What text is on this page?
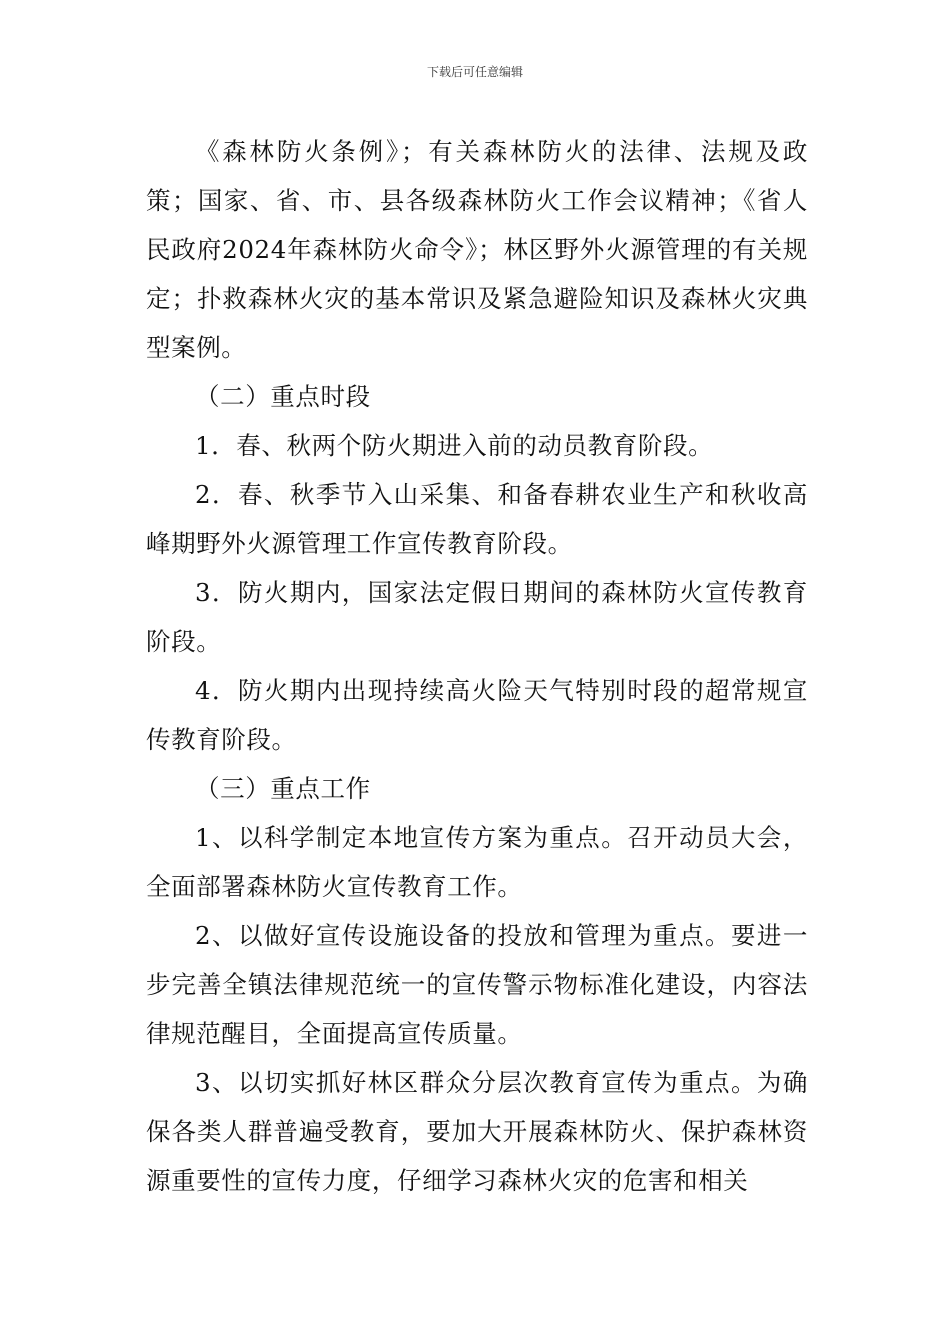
下载后可任意编辑

《森林防火条例》；有关森林防火的法律、法规及政策；国家、省、市、县各级森林防火工作会议精神；《省人民政府2024年森林防火命令》；林区野外火源管理的有关规定；扑救森林火灾的基本常识及紧急避险知识及森林火灾典型案例。

（二）重点时段

1．春、秋两个防火期进入前的动员教育阶段。

2．春、秋季节入山采集、和备春耕农业生产和秋收高峰期野外火源管理工作宣传教育阶段。

3．防火期内，国家法定假日期间的森林防火宣传教育阶段。

4．防火期内出现持续高火险天气特别时段的超常规宣传教育阶段。

（三）重点工作

1、以科学制定本地宣传方案为重点。召开动员大会，全面部署森林防火宣传教育工作。

2、以做好宣传设施设备的投放和管理为重点。要进一步完善全镇法律规范统一的宣传警示物标准化建设，内容法律规范醒目，全面提高宣传质量。

3、以切实抓好林区群众分层次教育宣传为重点。为确保各类人群普遍受教育，要加大开展森林防火、保护森林资源重要性的宣传力度，仔细学习森林火灾的危害和相关
